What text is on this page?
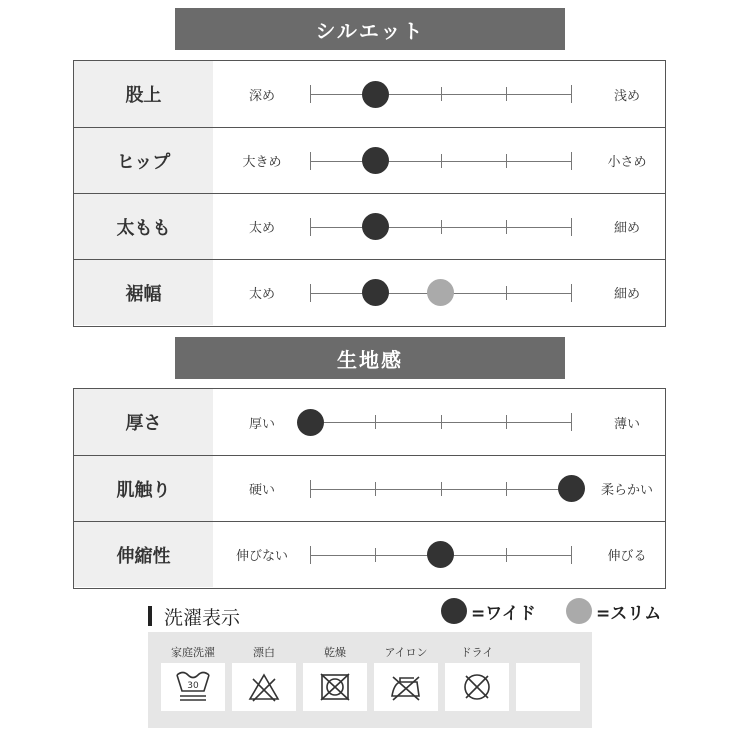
シルエット
股上	深め	浅め
ヒップ	大きめ	小さめ
太もも	太め	細め
裾幅	太め	細め
生地感
厚さ	厚い	薄い
肌触り	硬い	柔らかい
伸縮性	伸びない	伸びる
洗濯表示	=ワイド	=スリム
家庭洗濯
30
漂白	乾燥	アイロン	ドライ
